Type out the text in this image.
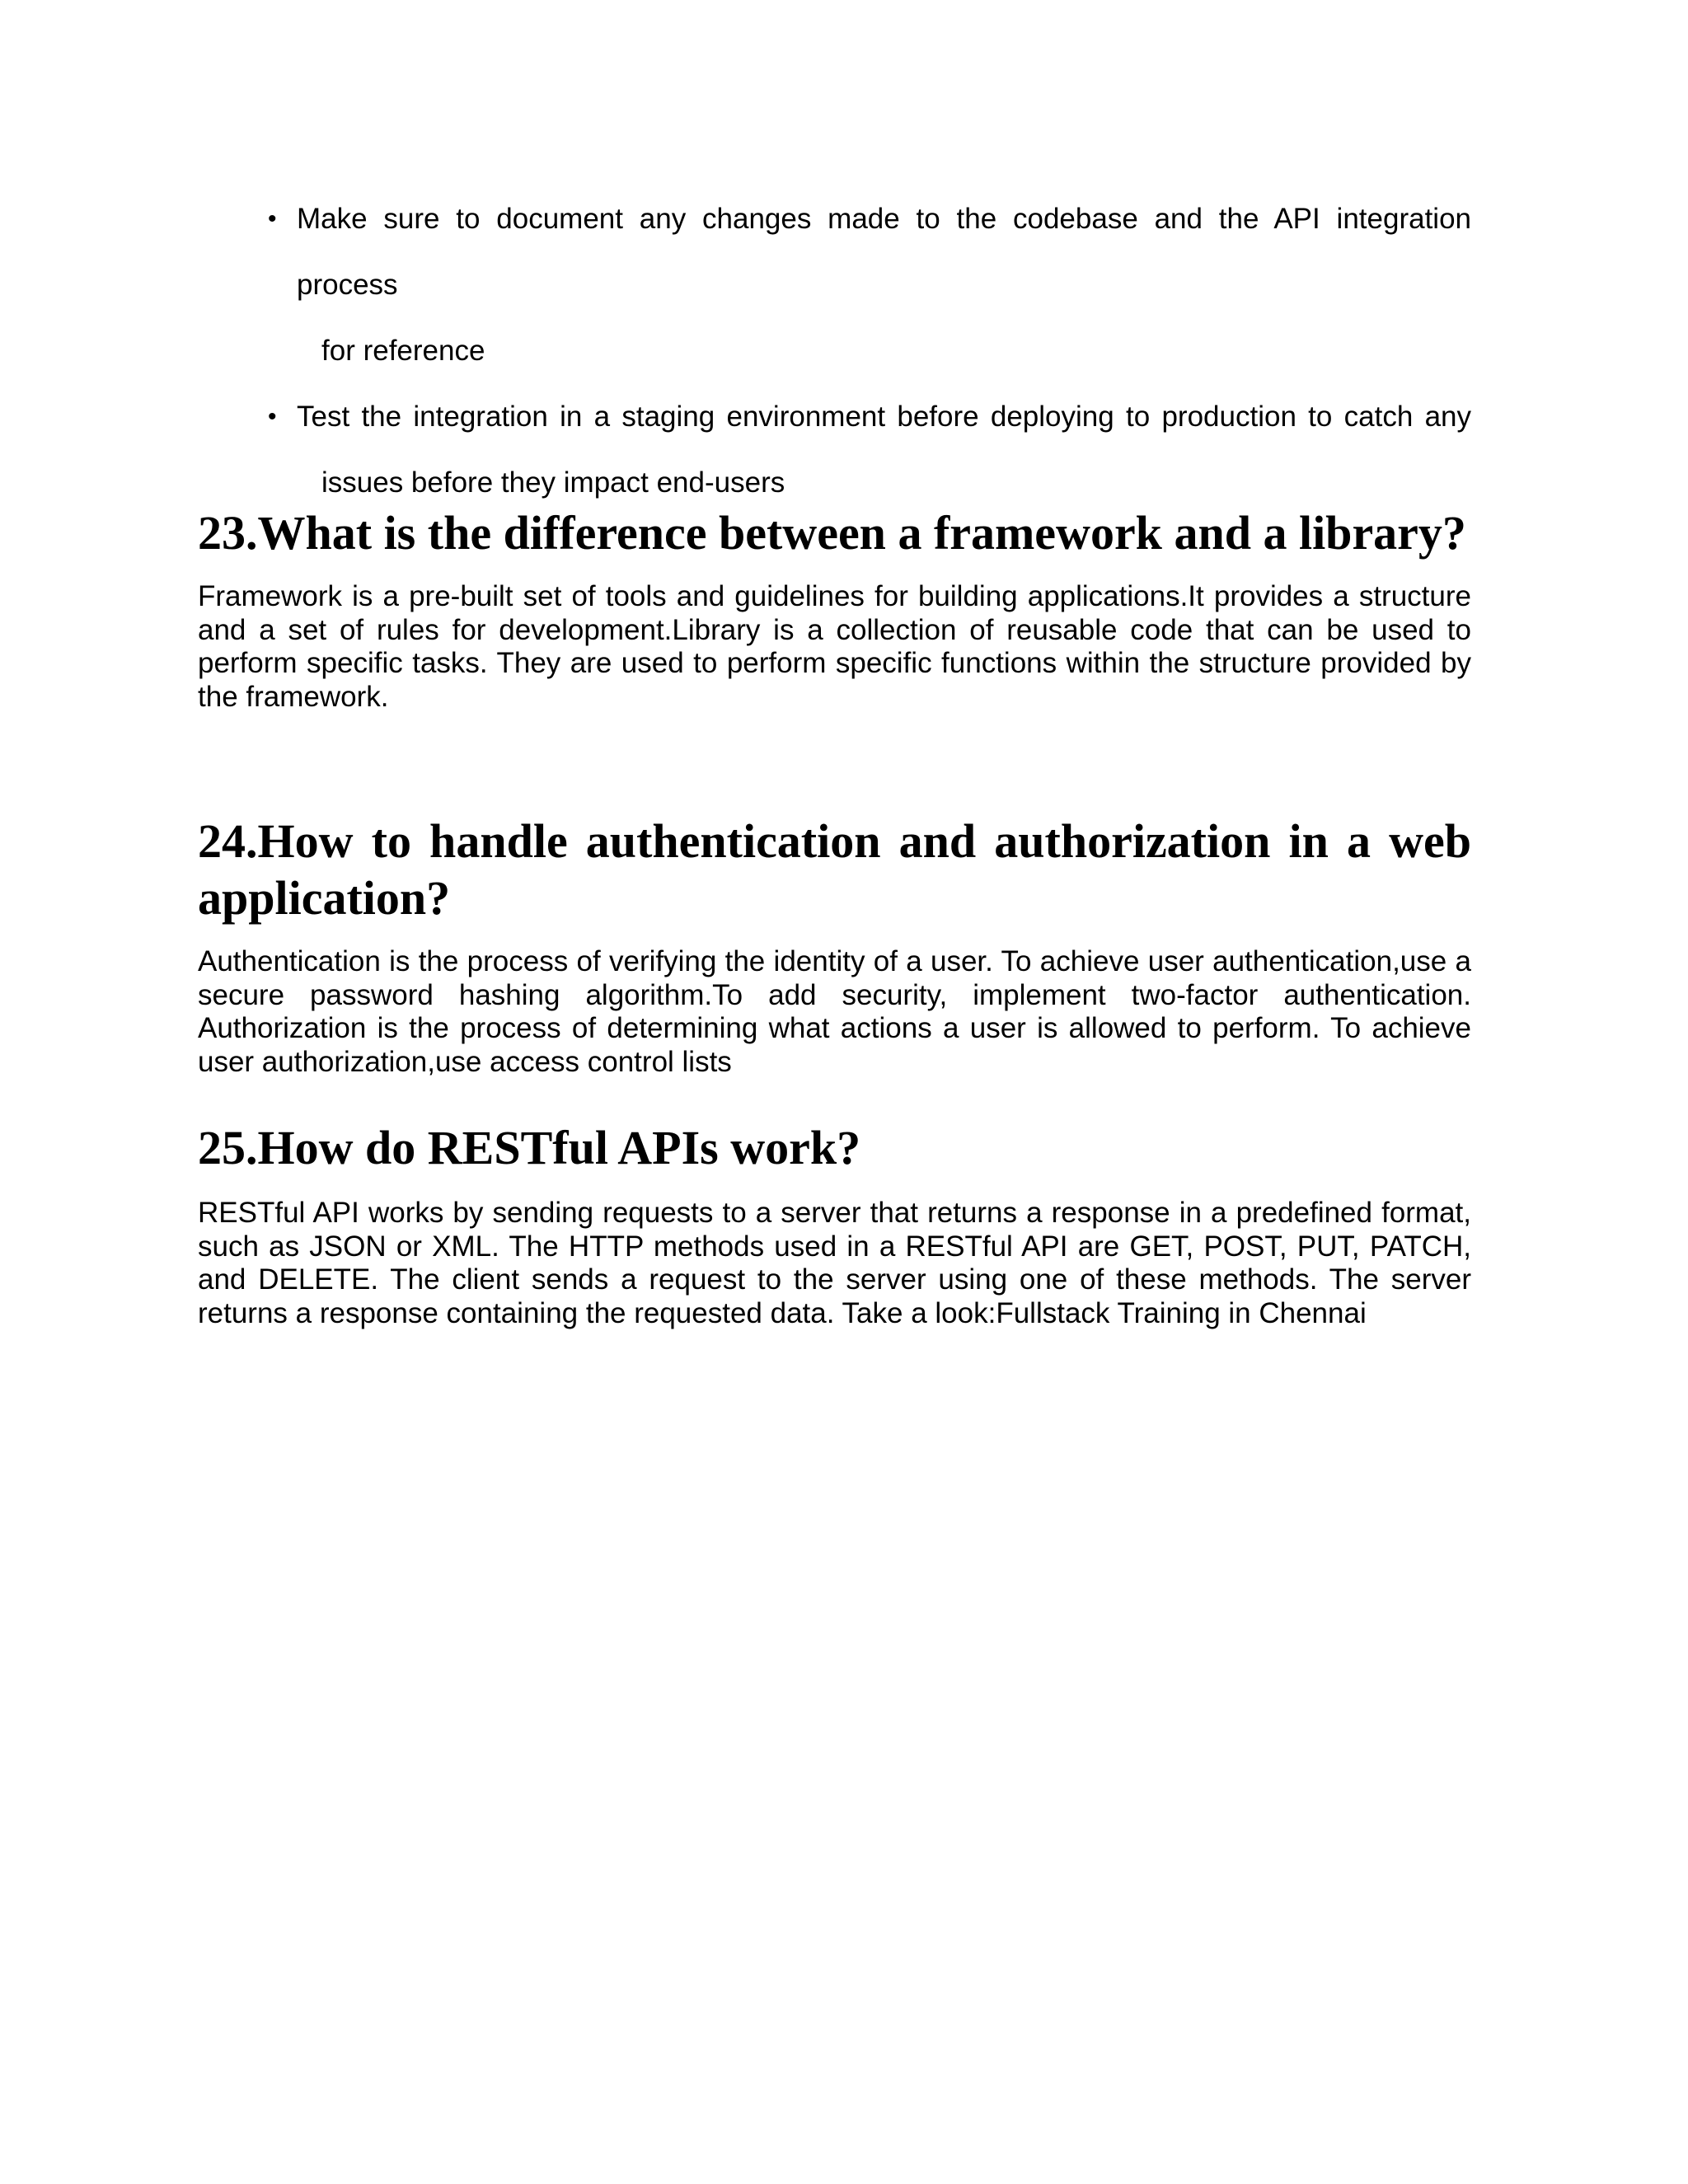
• Make sure to document any changes made to the codebase and the API integration process
for reference
• Test the integration in a staging environment before deploying to production to catch any
issues before they impact end-users
23.What is the difference between a framework and a library?

Framework is a pre-built set of tools and guidelines for building applications.It provides a structure and a set of rules for development.Library is a collection of reusable code that can be used to perform specific tasks. They are used to perform specific functions within the structure provided by the framework.

24.How to handle authentication and authorization in a web application?

Authentication is the process of verifying the identity of a user. To achieve user authentication,use a secure password hashing algorithm.To add security, implement two-factor authentication. Authorization is the process of determining what actions a user is allowed to perform. To achieve user authorization,use access control lists

25.How do RESTful APIs work?

RESTful API works by sending requests to a server that returns a response in a predefined format, such as JSON or XML. The HTTP methods used in a RESTful API are GET, POST, PUT, PATCH, and DELETE. The client sends a request to the server using one of these methods. The server returns a response containing the requested data. Take a look:Fullstack Training in Chennai
